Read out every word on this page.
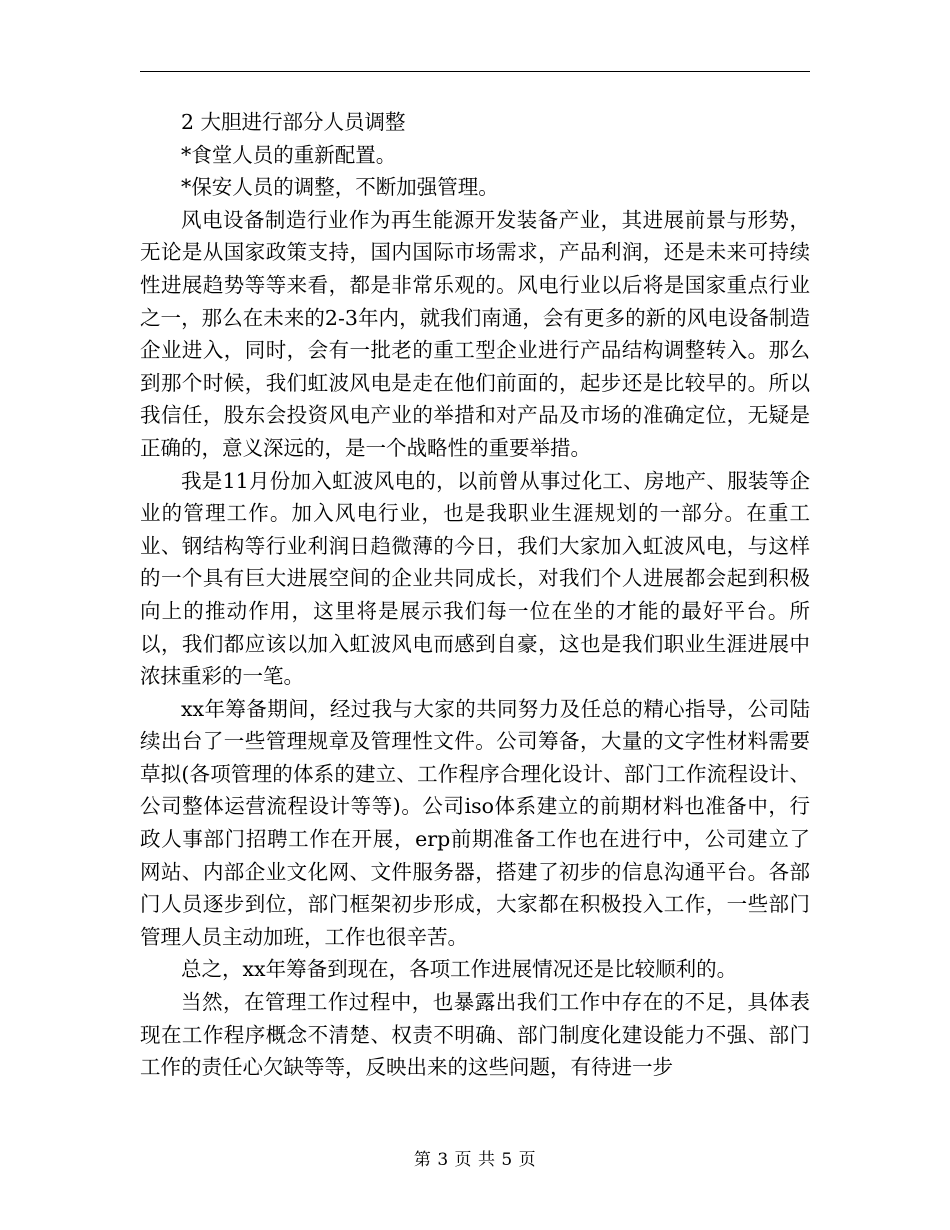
2 大胆进行部分人员调整

*食堂人员的重新配置。

*保安人员的调整，不断加强管理。

风电设备制造行业作为再生能源开发装备产业，其进展前景与形势，无论是从国家政策支持，国内国际市场需求，产品利润，还是未来可持续性进展趋势等等来看，都是非常乐观的。风电行业以后将是国家重点行业之一，那么在未来的2-3年内，就我们南通，会有更多的新的风电设备制造企业进入，同时，会有一批老的重工型企业进行产品结构调整转入。那么到那个时候，我们虹波风电是走在他们前面的，起步还是比较早的。所以我信任，股东会投资风电产业的举措和对产品及市场的准确定位，无疑是正确的，意义深远的，是一个战略性的重要举措。

我是11月份加入虹波风电的，以前曾从事过化工、房地产、服装等企业的管理工作。加入风电行业，也是我职业生涯规划的一部分。在重工业、钢结构等行业利润日趋微薄的今日，我们大家加入虹波风电，与这样的一个具有巨大进展空间的企业共同成长，对我们个人进展都会起到积极向上的推动作用，这里将是展示我们每一位在坐的才能的最好平台。所以，我们都应该以加入虹波风电而感到自豪，这也是我们职业生涯进展中浓抹重彩的一笔。

xx年筹备期间，经过我与大家的共同努力及任总的精心指导，公司陆续出台了一些管理规章及管理性文件。公司筹备，大量的文字性材料需要草拟(各项管理的体系的建立、工作程序合理化设计、部门工作流程设计、公司整体运营流程设计等等)。公司iso体系建立的前期材料也准备中，行政人事部门招聘工作在开展，erp前期准备工作也在进行中，公司建立了网站、内部企业文化网、文件服务器，搭建了初步的信息沟通平台。各部门人员逐步到位，部门框架初步形成，大家都在积极投入工作，一些部门管理人员主动加班，工作也很辛苦。

总之，xx年筹备到现在，各项工作进展情况还是比较顺利的。

当然，在管理工作过程中，也暴露出我们工作中存在的不足，具体表现在工作程序概念不清楚、权责不明确、部门制度化建设能力不强、部门工作的责任心欠缺等等，反映出来的这些问题，有待进一步

第 3 页 共 5 页
